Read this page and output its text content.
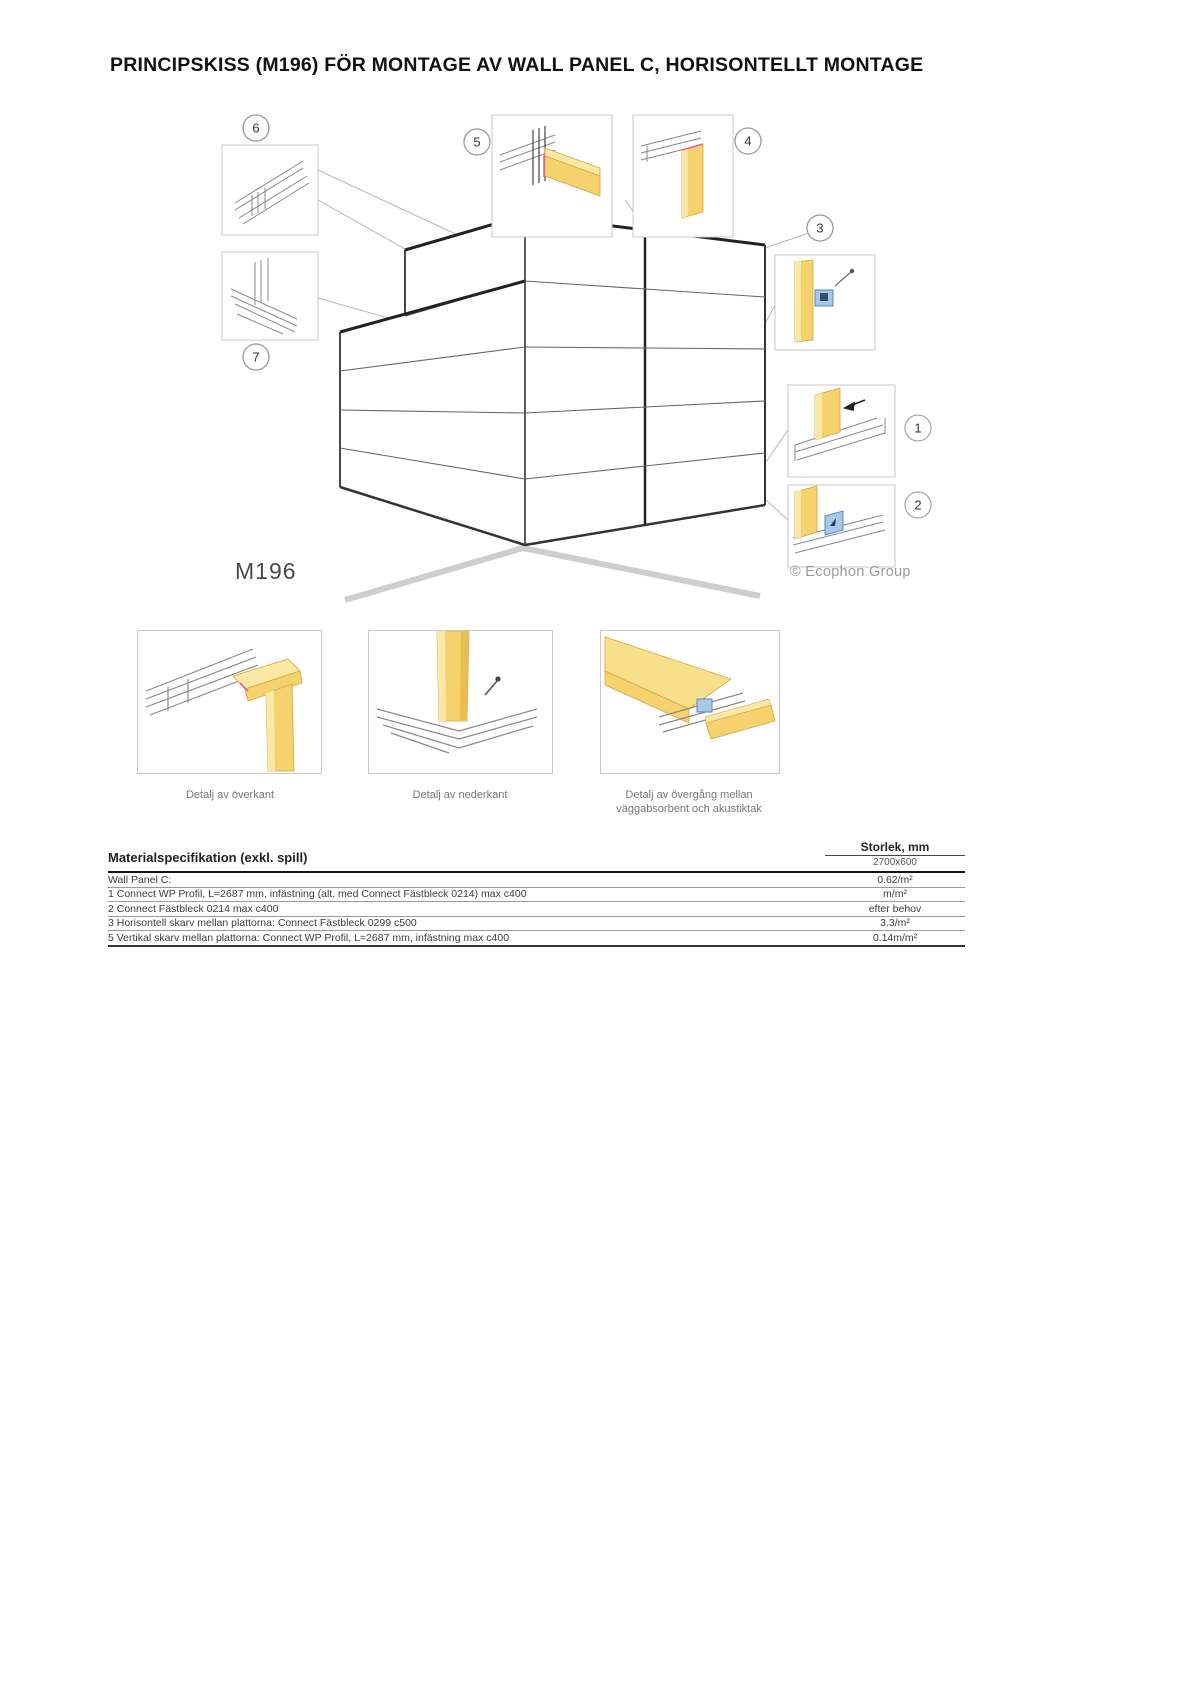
PRINCIPSKISS (M196) FÖR MONTAGE AV WALL PANEL C, HORISONTELLT MONTAGE
6
5	4
3
7
1
2
M196	© Ecophon Group
Detalj av överkant	Detalj av nederkant	Detalj av övergång mellan väggabsorbent och akustiktak
Materialspecifikation (exkl. spill)
Storlek, mm
2700x600
Wall Panel C:	0.62/m²
1 Connect WP Profil, L=2687 mm, infästning (alt. med Connect Fästbleck 0214) max c400	m/m²
2 Connect Fästbleck 0214 max c400	efter behov
3 Horisontell skarv mellan plattorna: Connect Fästbleck 0299 c500	3.3/m²
5 Vertikal skarv mellan plattorna: Connect WP Profil, L=2687 mm, infästning max c400	0.14m/m²
